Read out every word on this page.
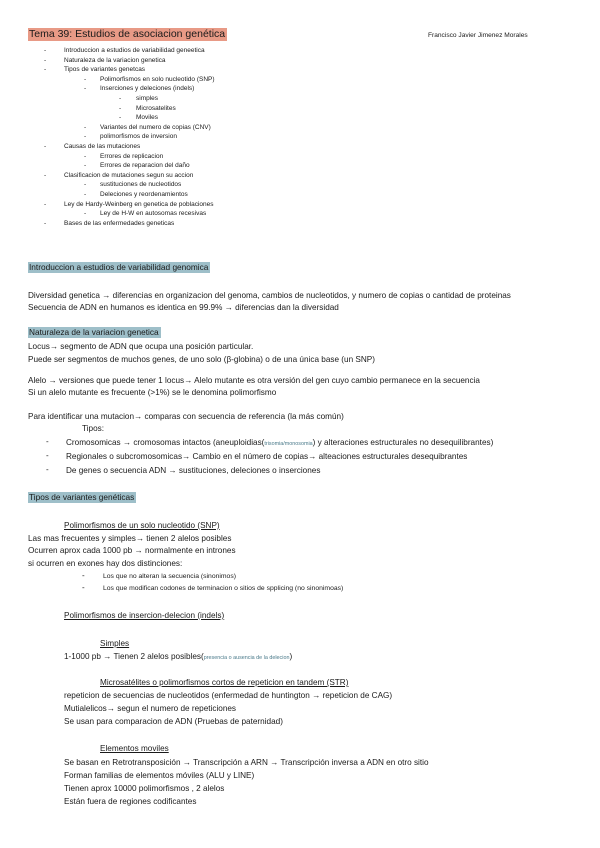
Tema 39: Estudios de asociacion genética	Francisco Javier Jimenez Morales
-	Introduccion a estudios de variabilidad geneetica
-	Naturaleza de la variacion genetica
-	Tipos de variantes genetcas
- Polimorfismos en solo nucleotido (SNP)
- Inserciones y deleciones (indels)
- simples
- Microsatelites
- Moviles
- Variantes del numero de copias (CNV)
- polimorfismos de inversion
-	Causas de las mutaciones
- Errores de replicacion
- Errores de reparacion del daño
-	Clasificacion de mutaciones segun su accion
- sustituciones de nucleotidos
- Deleciones y reordenamientos
-	Ley de Hardy-Weinberg en genetica de poblaciones
- Ley de H-W en autosomas recesivas
-	Bases de las enfermedades geneticas
Introduccion a estudios de variabilidad genomica
Diversidad genetica → diferencias en organizacion del genoma, cambios de nucleotidos, y numero de copias o cantidad de proteinas
Secuencia de ADN en humanos es identica en 99.9% → diferencias dan la diversidad
Naturaleza de la variacion genetica
Locus→ segmento de ADN que ocupa una posición particular.
Puede ser segmentos de muchos genes, de uno solo (β-globina) o de una única base (un SNP)
Alelo → versiones que puede tener 1 locus→ Alelo mutante es otra versión del gen cuyo cambio permanece en la secuencia
Si un alelo mutante es frecuente (>1%) se le denomina polimorfismo
Para identificar una mutacion→ comparas con secuencia de referencia (la más común)
Tipos:
- Cromosomicas → cromosomas intactos (aneuploidias(trisomia/monosomia) y alteraciones estructurales no desequilibrantes)
- Regionales o subcromosomicas→ Cambio en el número de copias→ alteaciones estructurales desequibrantes
- De genes o secuencia ADN → sustituciones, deleciones o inserciones
Tipos de variantes genéticas
Polimorfismos de un solo nucleotido (SNP)
Las mas frecuentes y simples→ tienen 2 alelos posibles
Ocurren aprox cada 1000 pb → normalmente en intrones
si ocurren en exones hay dos distinciones:
-	Los que no alteran la secuencia (sinonimos)
-	Los que modifican codones de terminacion o sitios de spplicing (no sinonimoas)
Polimorfismos de insercion-delecion (indels)
Simples
1-1000 pb → Tienen 2 alelos posibles(presencia o ausencia de la delecion)
Microsatélites o polimorfismos cortos de repeticion en tandem (STR)
repeticion de secuencias de nucleotidos (enfermedad de huntington → repeticion de CAG)
Mutialelicos→ segun el numero de repeticiones
Se usan para comparacion de ADN (Pruebas de paternidad)
Elementos moviles
Se basan en Retrotransposición → Transcripción a ARN → Transcripción inversa a ADN en otro sitio
Forman familias de elementos móviles (ALU y LINE)
Tienen aprox 10000 polimorfismos , 2 alelos
Están fuera de regiones codificantes
